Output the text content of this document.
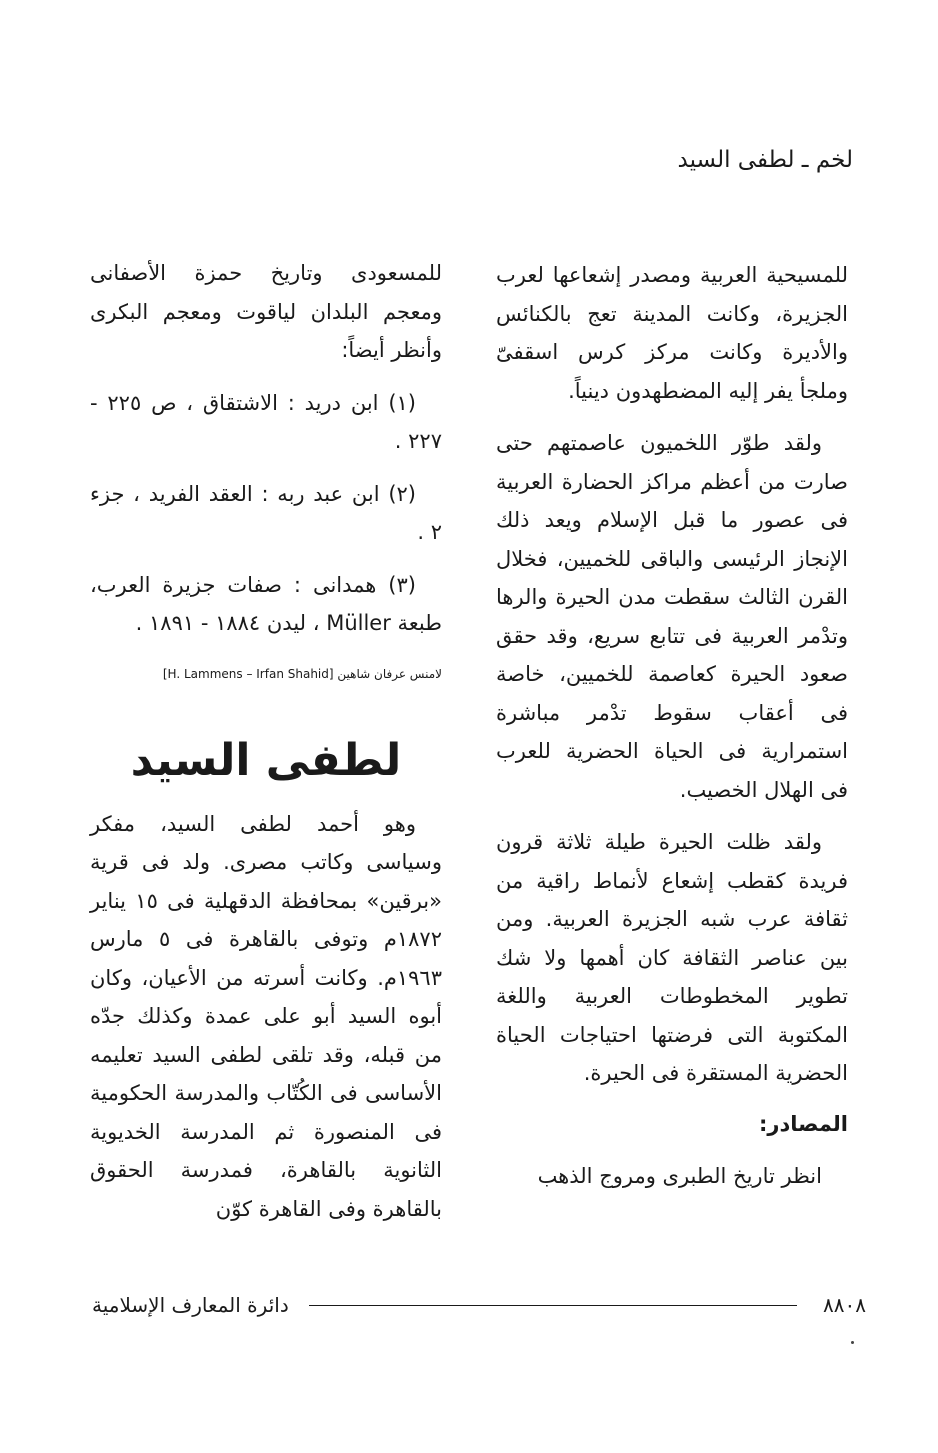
لخم ـ لطفى السيد

للمسيحية العربية ومصدر إشعاعها لعرب الجزيرة، وكانت المدينة تعج بالكنائس والأديرة وكانت مركز كرس اسقفىّ وملجأ يفر إليه المضطهدون دينياً.

ولقد طوّر اللخميون عاصمتهم حتى صارت من أعظم مراكز الحضارة العربية فى عصور ما قبل الإسلام ويعد ذلك الإنجاز الرئيسى والباقى للخميين، فخلال القرن الثالث سقطت مدن الحيرة والرها وتدْمر العربية فى تتابع سريع، وقد حقق صعود الحيرة كعاصمة للخميين، خاصة فى أعقاب سقوط تدْمر مباشرة استمرارية فى الحياة الحضرية للعرب فى الهلال الخصيب.

ولقد ظلت الحيرة طيلة ثلاثة قرون فريدة كقطب إشعاع لأنماط راقية من ثقافة عرب شبه الجزيرة العربية. ومن بين عناصر الثقافة كان أهمها ولا شك تطوير المخطوطات العربية واللغة المكتوبة التى فرضتها احتياجات الحياة الحضرية المستقرة فى الحيرة.

المصادر:

انظر تاريخ الطبرى ومروج الذهب

للمسعودى وتاريخ حمزة الأصفانى ومعجم البلدان لياقوت ومعجم البكرى وأنظر أيضاً:

(١) ابن دريد : الاشتقاق ، ص ٢٢٥ - ٢٢٧ .

(٢) ابن عبد ربه : العقد الفريد ، جزء ٢ .

(٣) همدانى : صفات جزيرة العرب، طبعة Müller ، ليدن ١٨٨٤ - ١٨٩١ .

لامنس عرفان شاهين [H. Lammens – Irfan Shahid]

لطفى السيد

وهو أحمد لطفى السيد، مفكر وسياسى وكاتب مصرى. ولد فى قرية «برقين» بمحافظة الدقهلية فى ١٥ يناير ١٨٧٢م وتوفى بالقاهرة فى ٥ مارس ١٩٦٣م. وكانت أسرته من الأعيان، وكان أبوه السيد أبو على عمدة وكذلك جدّه من قبله، وقد تلقى لطفى السيد تعليمه الأساسى فى الكُتّاب والمدرسة الحكومية فى المنصورة ثم المدرسة الخديوية الثانوية بالقاهرة، فمدرسة الحقوق بالقاهرة وفى القاهرة كوّن

٨٨٠٨
دائرة المعارف الإسلامية
